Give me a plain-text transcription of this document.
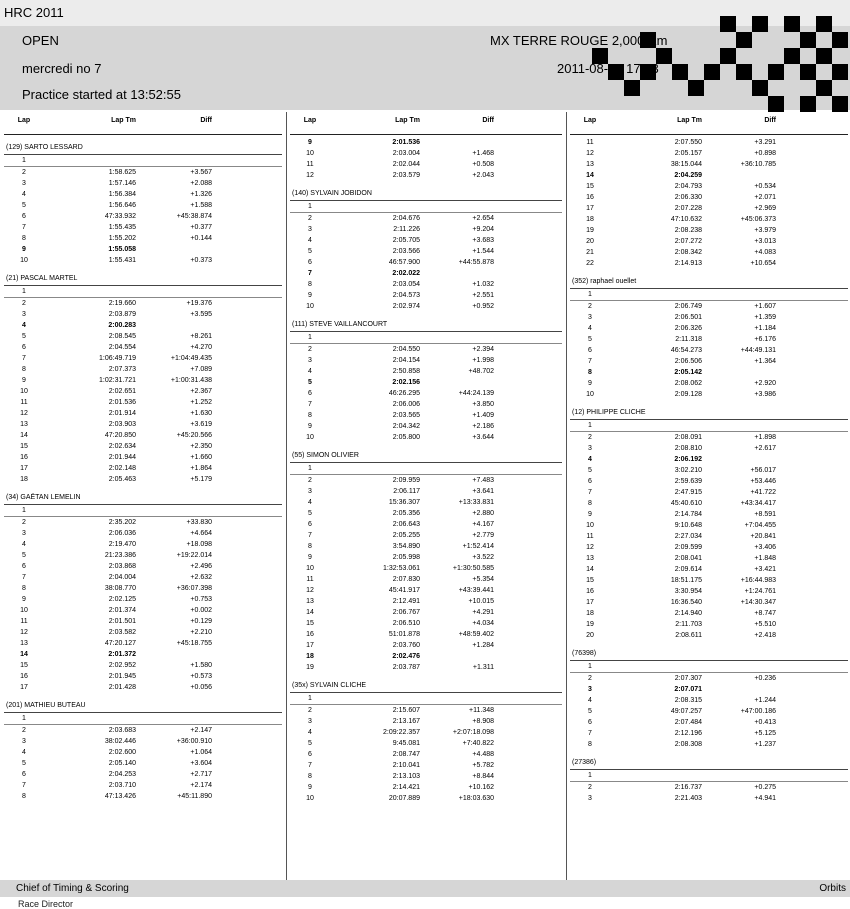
HRC 2011
OPEN
mercredi no 7
Practice started at 13:52:55
MX TERRE ROUGE 2,000 Km
2011-08-17 17:13
Lap	Lap Tm	Diff
(129) SARTO LESSARD
1
2	1:58.625	+3.567
3	1:57.146	+2.088
4	1:56.384	+1.326
5	1:56.646	+1.588
6	47:33.932	+45:38.874
7	1:55.435	+0.377
8	1:55.202	+0.144
9	1:55.058
10	1:55.431	+0.373
(21) PASCAL MARTEL
1
2	2:19.660	+19.376
3	2:03.879	+3.595
4	2:00.283
5	2:08.545	+8.261
6	2:04.554	+4.270
7	1:06:49.719	+1:04:49.435
8	2:07.373	+7.089
9	1:02:31.721	+1:00:31.438
10	2:02.651	+2.367
11	2:01.536	+1.252
12	2:01.914	+1.630
13	2:03.903	+3.619
14	47:20.850	+45:20.566
15	2:02.634	+2.350
16	2:01.944	+1.660
17	2:02.148	+1.864
18	2:05.463	+5.179
(34) GAËTAN LEMELIN
1
2	2:35.202	+33.830
3	2:06.036	+4.664
4	2:19.470	+18.098
5	21:23.386	+19:22.014
6	2:03.868	+2.496
7	2:04.004	+2.632
8	38:08.770	+36:07.398
9	2:02.125	+0.753
10	2:01.374	+0.002
11	2:01.501	+0.129
12	2:03.582	+2.210
13	47:20.127	+45:18.755
14	2:01.372
15	2:02.952	+1.580
16	2:01.945	+0.573
17	2:01.428	+0.056
(201) MATHIEU BUTEAU
1
2	2:03.683	+2.147
3	38:02.446	+36:00.910
4	2:02.600	+1.064
5	2:05.140	+3.604
6	2:04.253	+2.717
7	2:03.710	+2.174
8	47:13.426	+45:11.890
Lap	Lap Tm	Diff
9	2:01.536
10	2:03.004	+1.468
11	2:02.044	+0.508
12	2:03.579	+2.043
(140) SYLVAIN JOBIDON
1
2	2:04.676	+2.654
3	2:11.226	+9.204
4	2:05.705	+3.683
5	2:03.566	+1.544
6	46:57.900	+44:55.878
7	2:02.022
8	2:03.054	+1.032
9	2:04.573	+2.551
10	2:02.974	+0.952
(111) STEVE VAILLANCOURT
1
2	2:04.550	+2.394
3	2:04.154	+1.998
4	2:50.858	+48.702
5	2:02.156
6	46:26.295	+44:24.139
7	2:06.006	+3.850
8	2:03.565	+1.409
9	2:04.342	+2.186
10	2:05.800	+3.644
(55) SIMON OLIVIER
1
2	2:09.959	+7.483
3	2:06.117	+3.641
4	15:36.307	+13:33.831
5	2:05.356	+2.880
6	2:06.643	+4.167
7	2:05.255	+2.779
8	3:54.890	+1:52.414
9	2:05.998	+3.522
10	1:32:53.061	+1:30:50.585
11	2:07.830	+5.354
12	45:41.917	+43:39.441
13	2:12.491	+10.015
14	2:06.767	+4.291
15	2:06.510	+4.034
16	51:01.878	+48:59.402
17	2:03.760	+1.284
18	2:02.476
19	2:03.787	+1.311
(35x) SYLVAIN CLICHE
1
2	2:15.607	+11.348
3	2:13.167	+8.908
4	2:09:22.357	+2:07:18.098
5	9:45.081	+7:40.822
6	2:08.747	+4.488
7	2:10.041	+5.782
8	2:13.103	+8.844
9	2:14.421	+10.162
10	20:07.889	+18:03.630
Lap	Lap Tm	Diff
11	2:07.550	+3.291
12	2:05.157	+0.898
13	38:15.044	+36:10.785
14	2:04.259
15	2:04.793	+0.534
16	2:06.330	+2.071
17	2:07.228	+2.969
18	47:10.632	+45:06.373
19	2:08.238	+3.979
20	2:07.272	+3.013
21	2:08.342	+4.083
22	2:14.913	+10.654
(352) raphael ouellet
1
2	2:06.749	+1.607
3	2:06.501	+1.359
4	2:06.326	+1.184
5	2:11.318	+6.176
6	46:54.273	+44:49.131
7	2:06.506	+1.364
8	2:05.142
9	2:08.062	+2.920
10	2:09.128	+3.986
(12) PHILIPPE CLICHE
1
2	2:08.091	+1.898
3	2:08.810	+2.617
4	2:06.192
5	3:02.210	+56.017
6	2:59.639	+53.446
7	2:47.915	+41.722
8	45:40.610	+43:34.417
9	2:14.784	+8.591
10	9:10.648	+7:04.455
11	2:27.034	+20.841
12	2:09.599	+3.406
13	2:08.041	+1.848
14	2:09.614	+3.421
15	18:51.175	+16:44.983
16	3:30.954	+1:24.761
17	16:36.540	+14:30.347
18	2:14.940	+8.747
19	2:11.703	+5.510
20	2:08.611	+2.418
(76398)
1
2	2:07.307	+0.236
3	2:07.071
4	2:08.315	+1.244
5	49:07.257	+47:00.186
6	2:07.484	+0.413
7	2:12.196	+5.125
8	2:08.308	+1.237
(27386)
1
2	2:16.737	+0.275
3	2:21.403	+4.941
Chief of Timing & Scoring	Orbits
Race Director
